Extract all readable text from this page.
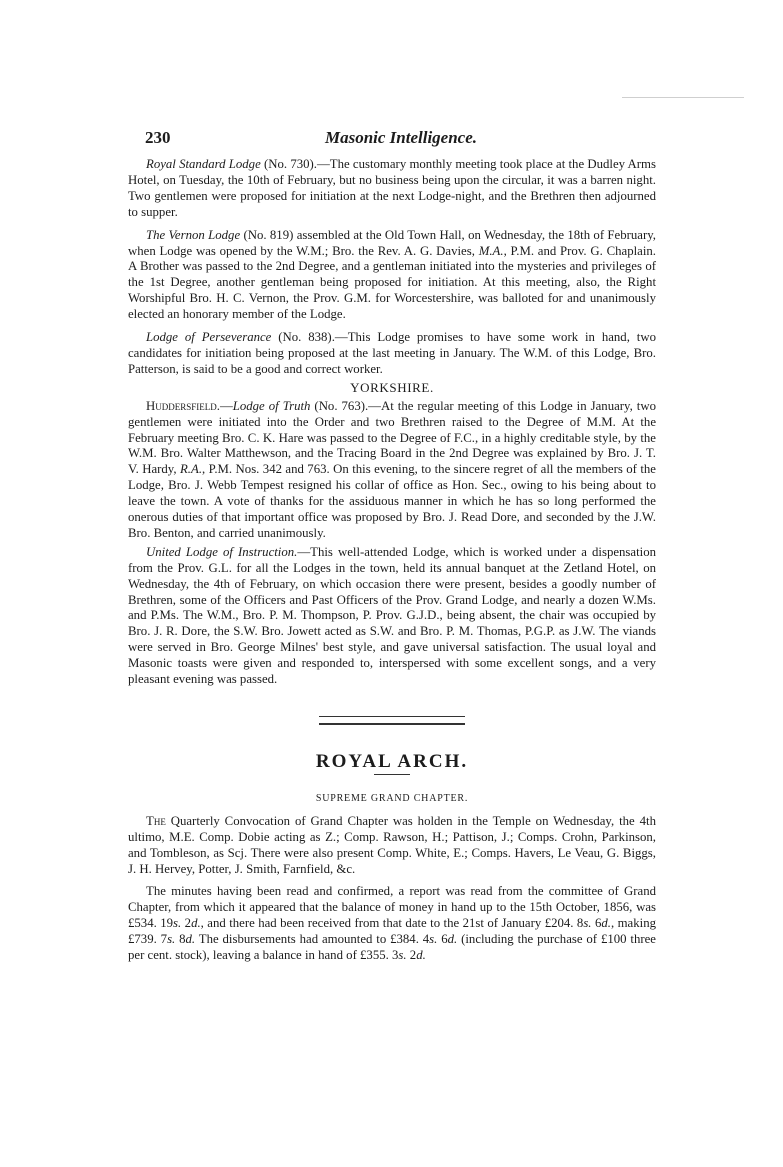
230	Masonic Intelligence.

Royal Standard Lodge (No. 730).—The customary monthly meeting took place at the Dudley Arms Hotel, on Tuesday, the 10th of February, but no business being upon the circular, it was a barren night. Two gentlemen were proposed for initiation at the next Lodge-night, and the Brethren then adjourned to supper.

The Vernon Lodge (No. 819) assembled at the Old Town Hall, on Wednesday, the 18th of February, when Lodge was opened by the W.M.; Bro. the Rev. A. G. Davies, M.A., P.M. and Prov. G. Chaplain. A Brother was passed to the 2nd Degree, and a gentleman initiated into the mysteries and privileges of the 1st Degree, another gentleman being proposed for initiation. At this meeting, also, the Right Worshipful Bro. H. C. Vernon, the Prov. G.M. for Worcestershire, was balloted for and unanimously elected an honorary member of the Lodge.

Lodge of Perseverance (No. 838).—This Lodge promises to have some work in hand, two candidates for initiation being proposed at the last meeting in January. The W.M. of this Lodge, Bro. Patterson, is said to be a good and correct worker.

YORKSHIRE.

Huddersfield.—Lodge of Truth (No. 763).—At the regular meeting of this Lodge in January, two gentlemen were initiated into the Order and two Brethren raised to the Degree of M.M. At the February meeting Bro. C. K. Hare was passed to the Degree of F.C., in a highly creditable style, by the W.M. Bro. Walter Matthewson, and the Tracing Board in the 2nd Degree was explained by Bro. J. T. V. Hardy, R.A., P.M. Nos. 342 and 763. On this evening, to the sincere regret of all the members of the Lodge, Bro. J. Webb Tempest resigned his collar of office as Hon. Sec., owing to his being about to leave the town. A vote of thanks for the assiduous manner in which he has so long performed the onerous duties of that important office was proposed by Bro. J. Read Dore, and seconded by the J.W. Bro. Benton, and carried unanimously.

United Lodge of Instruction.—This well-attended Lodge, which is worked under a dispensation from the Prov. G.L. for all the Lodges in the town, held its annual banquet at the Zetland Hotel, on Wednesday, the 4th of February, on which occasion there were present, besides a goodly number of Brethren, some of the Officers and Past Officers of the Prov. Grand Lodge, and nearly a dozen W.Ms. and P.Ms. The W.M., Bro. P. M. Thompson, P. Prov. G.J.D., being absent, the chair was occupied by Bro. J. R. Dore, the S.W. Bro. Jowett acted as S.W. and Bro. P. M. Thomas, P.G.P. as J.W. The viands were served in Bro. George Milnes' best style, and gave universal satisfaction. The usual loyal and Masonic toasts were given and responded to, interspersed with some excellent songs, and a very pleasant evening was passed.

ROYAL ARCH.
SUPREME GRAND CHAPTER.

The Quarterly Convocation of Grand Chapter was holden in the Temple on Wednesday, the 4th ultimo, M.E. Comp. Dobie acting as Z.; Comp. Rawson, H.; Pattison, J.; Comps. Crohn, Parkinson, and Tombleson, as Scj. There were also present Comp. White, E.; Comps. Havers, Le Veau, G. Biggs, J. H. Hervey, Potter, J. Smith, Farnfield, &c.

The minutes having been read and confirmed, a report was read from the committee of Grand Chapter, from which it appeared that the balance of money in hand up to the 15th October, 1856, was £534. 19s. 2d., and there had been received from that date to the 21st of January £204. 8s. 6d., making £739. 7s. 8d. The disbursements had amounted to £384. 4s. 6d. (including the purchase of £100 three per cent. stock), leaving a balance in hand of £355. 3s. 2d.
